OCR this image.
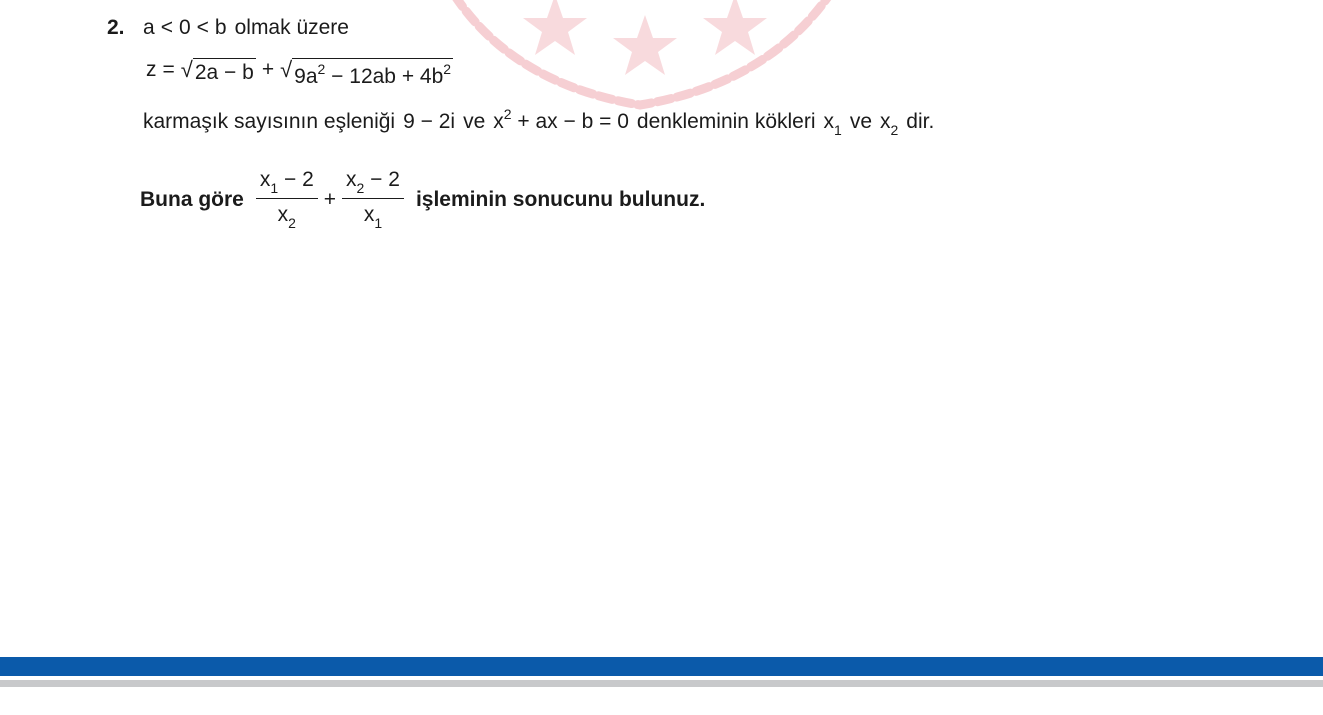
2. a < 0 < b olmak üzere
z = √ 2a − b + √ $9a^2 - 12ab + 4b^2$
karmaşık sayısının eşleniği 9 − 2i ve $x^2$ + ax − b = 0 denkleminin kökleri $x_1$ ve $x_2$ dir.
Buna göre $\frac{x_1 - 2}{x_2} + \frac{x_2 - 2}{x_1}$ işleminin sonucunu bulunuz.
